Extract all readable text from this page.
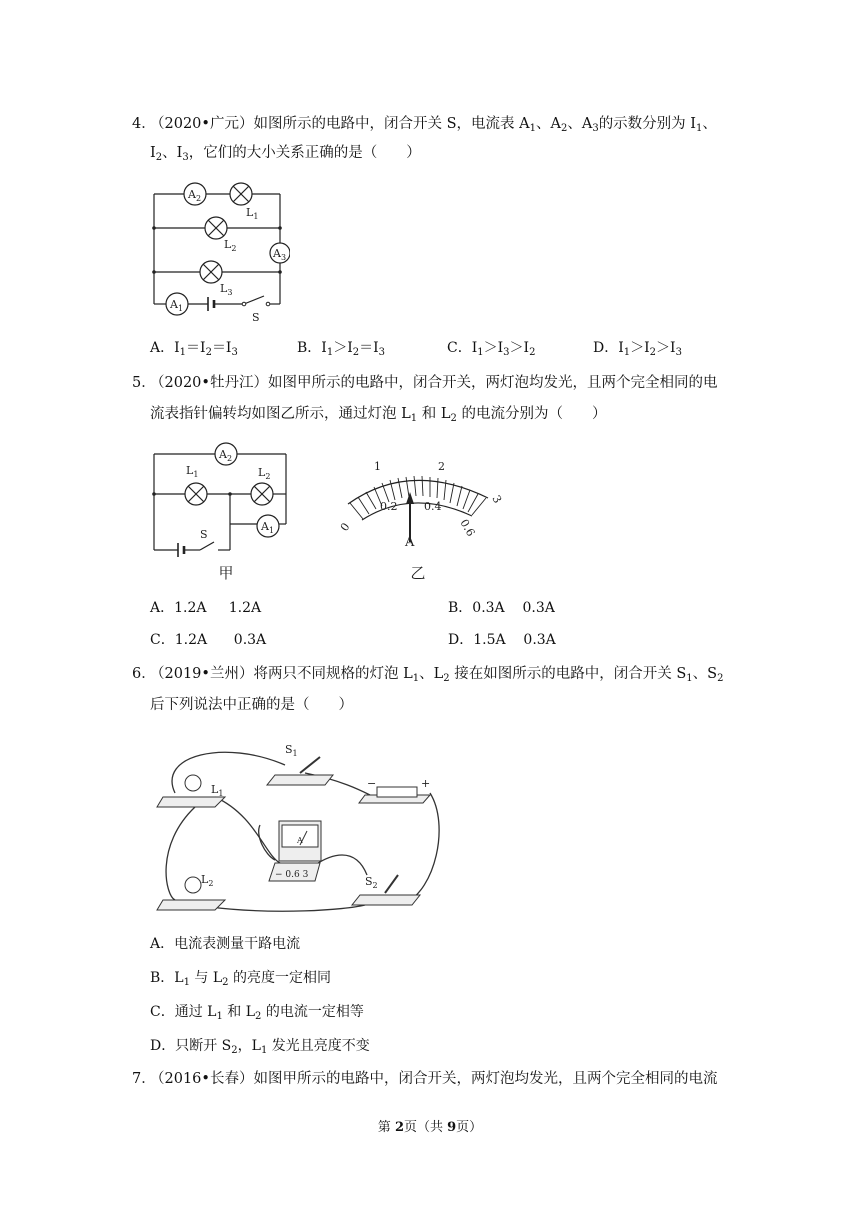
4．
（2020•广元）如图所示的电路中，闭合开关 S，电流表 $A_1$、$A_2$、$A_3$的示数分别为 $I_1$、
$I_2$、$I_3$，它们的大小关系正确的是（　　）
$A_2$
$L_1$
$L_2$	$A_3$
$L_3$
$A_1$
S
A．$I_1=I_2=I_3$	B．$I_1>I_2=I_3$	C．$I_1>I_3>I_2$	D．$I_1>I_2>I_3$
5．
（2020•牡丹江）如图甲所示的电路中，闭合开关，两灯泡均发光，且两个完全相同的电
流表指针偏转均如图乙所示，通过灯泡 $L_1$ 和 $L_2$ 的电流分别为（　　）
$A_2$
$L_1$	$L_2$
$A_1$
S
甲
0
1	2
3
0.2 0.4
0.6
A
乙
A．1.2A 1.2A	B．0.3A 0.3A
C．1.2A 0.3A	D．1.5A 0.3A
6．
（2019•兰州）将两只不同规格的灯泡 $L_1$、$L_2$ 接在如图所示的电路中，闭合开关 $S_1$、$S_2$
后下列说法中正确的是（　　）
$L_1$
$L_2$
$S_1$
$S_2$
A
−	+
− 0.6 3
A．电流表测量干路电流
B．$L_1$ 与 $L_2$ 的亮度一定相同
C．通过 $L_1$ 和 $L_2$ 的电流一定相等
D．只断开 $S_2$，$L_1$ 发光且亮度不变
7．
（2016•长春）如图甲所示的电路中，闭合开关，两灯泡均发光，且两个完全相同的电流
第 2页（共 9页）
